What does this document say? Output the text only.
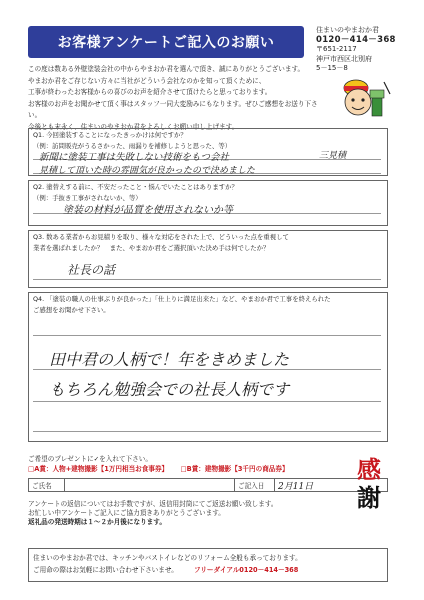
お客様アンケートご記入のお願い
住まいのやまおか君
0120－414－368
〒651-2117
神戸市西区北別府
5－15－8
この度は数ある外壁塗装会社の中からやまおか君を選んで頂き、誠にありがとうございます。
やまおか君をご存じない方々に当社がどういう会社なのかを知って頂くために、
工事が終わったお客様からの喜びのお声を紹介させて頂けたらと思っております。
お客様のお声をお聞かせて頂く事はスタッフ一同大変励みにもなります。ぜひご感想をお送り下さい。
今後とも末永く、住まいのやまおか君をよろしくお願い申し上げます。
Q1. 今回塗装することになったきっかけは何ですか？
（例：訪問販売がうるさかった、雨漏りを補修しようと思った、等）
新聞に塗装工事は失敗しない技術をもつ会社	三見積
見積して頂いた時の雰囲気が良かったので決めました
Q2. 塗替えする前に、不安だったこと・悩んでいたことはありますか？
（例：手抜き工事がされないか、等）
塗装の材料が品質を使用されないか等
Q3. 数ある業者からお見積りを取り、様々な対応をされた上で、どういった点を重視して
業者を選ばれましたか？　また、やまおか君をご選択頂いた決め手は何でしたか？
社長の話
Q4. 「塗装の職人の仕事ぶりが良かった」「仕上りに満足出来た」など、やまおか君で工事を終えられた
ご感想をお聞かせ下さい。
田中君の人柄で！年をきめました
もちろん勉強会での社長人柄です
ご希望のプレゼントに✓を入れて下さい。
□A賞：人物+建物撮影【1万円相当お食事券】 □B賞：建物撮影【3千円の商品券】
ご氏名	ご記入日	2月11日
アンケートの返信についてはお手数ですが、返信用封筒にてご返送お願い致します。
お忙しい中アンケートご記入にご協力頂きありがとうございます。
返礼品の発送時期は１～２か月後になります。
感
謝
住まいのやまおか君では、キッチンやバストイレなどのリフォーム全般も承っております。
ご用命の際はお気軽にお問い合わせ下さいませ。 フリーダイアル0120－414－368
